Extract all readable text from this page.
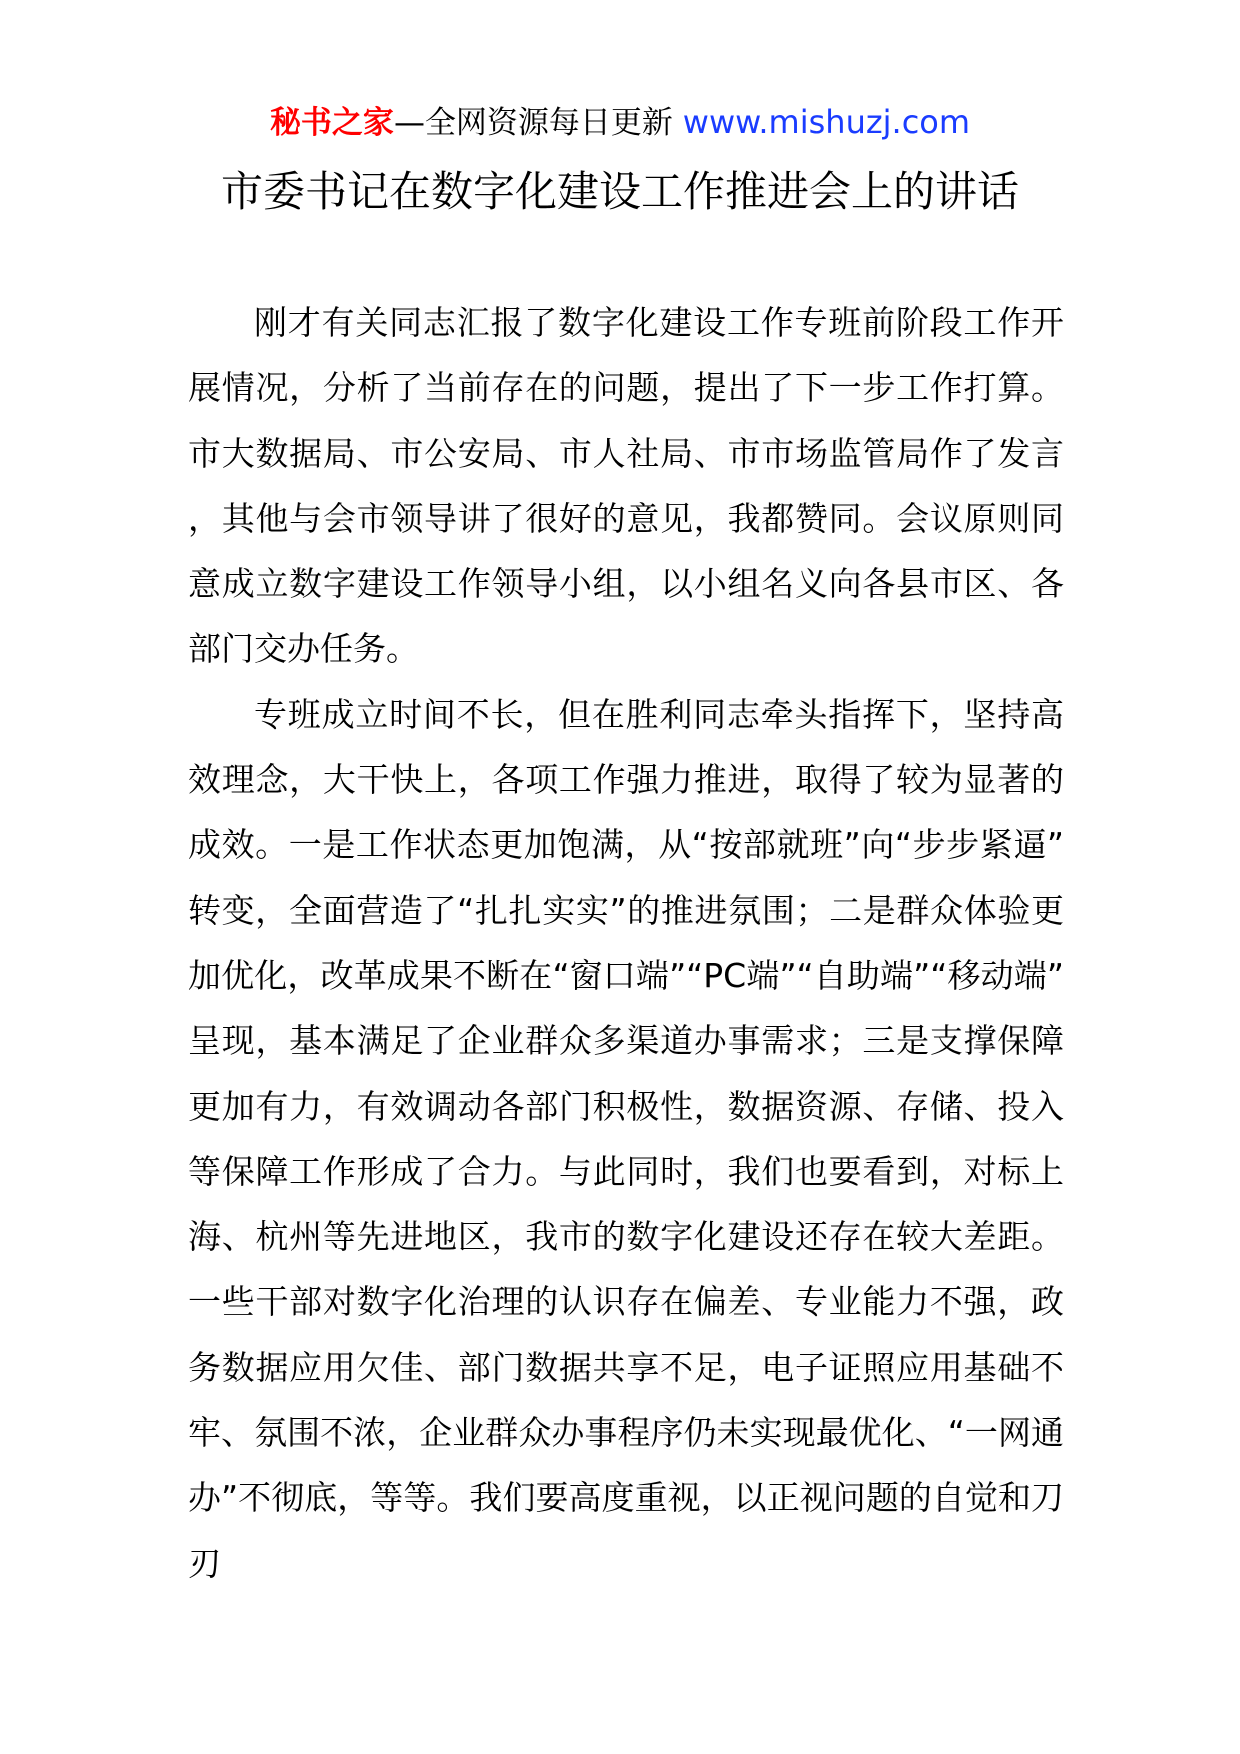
秘书之家—全网资源每日更新 www.mishuzj.com
市委书记在数字化建设工作推进会上的讲话

刚才有关同志汇报了数字化建设工作专班前阶段工作开展情况，分析了当前存在的问题，提出了下一步工作打算。市大数据局、市公安局、市人社局、市市场监管局作了发言，其他与会市领导讲了很好的意见，我都赞同。会议原则同意成立数字建设工作领导小组，以小组名义向各县市区、各部门交办任务。

专班成立时间不长，但在胜利同志牵头指挥下，坚持高效理念，大干快上，各项工作强力推进，取得了较为显著的成效。一是工作状态更加饱满，从“按部就班”向“步步紧逼”转变，全面营造了“扎扎实实”的推进氛围；二是群众体验更加优化，改革成果不断在“窗口端”“PC端”“自助端”“移动端”呈现，基本满足了企业群众多渠道办事需求；三是支撑保障更加有力，有效调动各部门积极性，数据资源、存储、投入等保障工作形成了合力。与此同时，我们也要看到，对标上海、杭州等先进地区，我市的数字化建设还存在较大差距。一些干部对数字化治理的认识存在偏差、专业能力不强，政务数据应用欠佳、部门数据共享不足，电子证照应用基础不牢、氛围不浓，企业群众办事程序仍未实现最优化、“一网通办”不彻底，等等。我们要高度重视，以正视问题的自觉和刀刃
